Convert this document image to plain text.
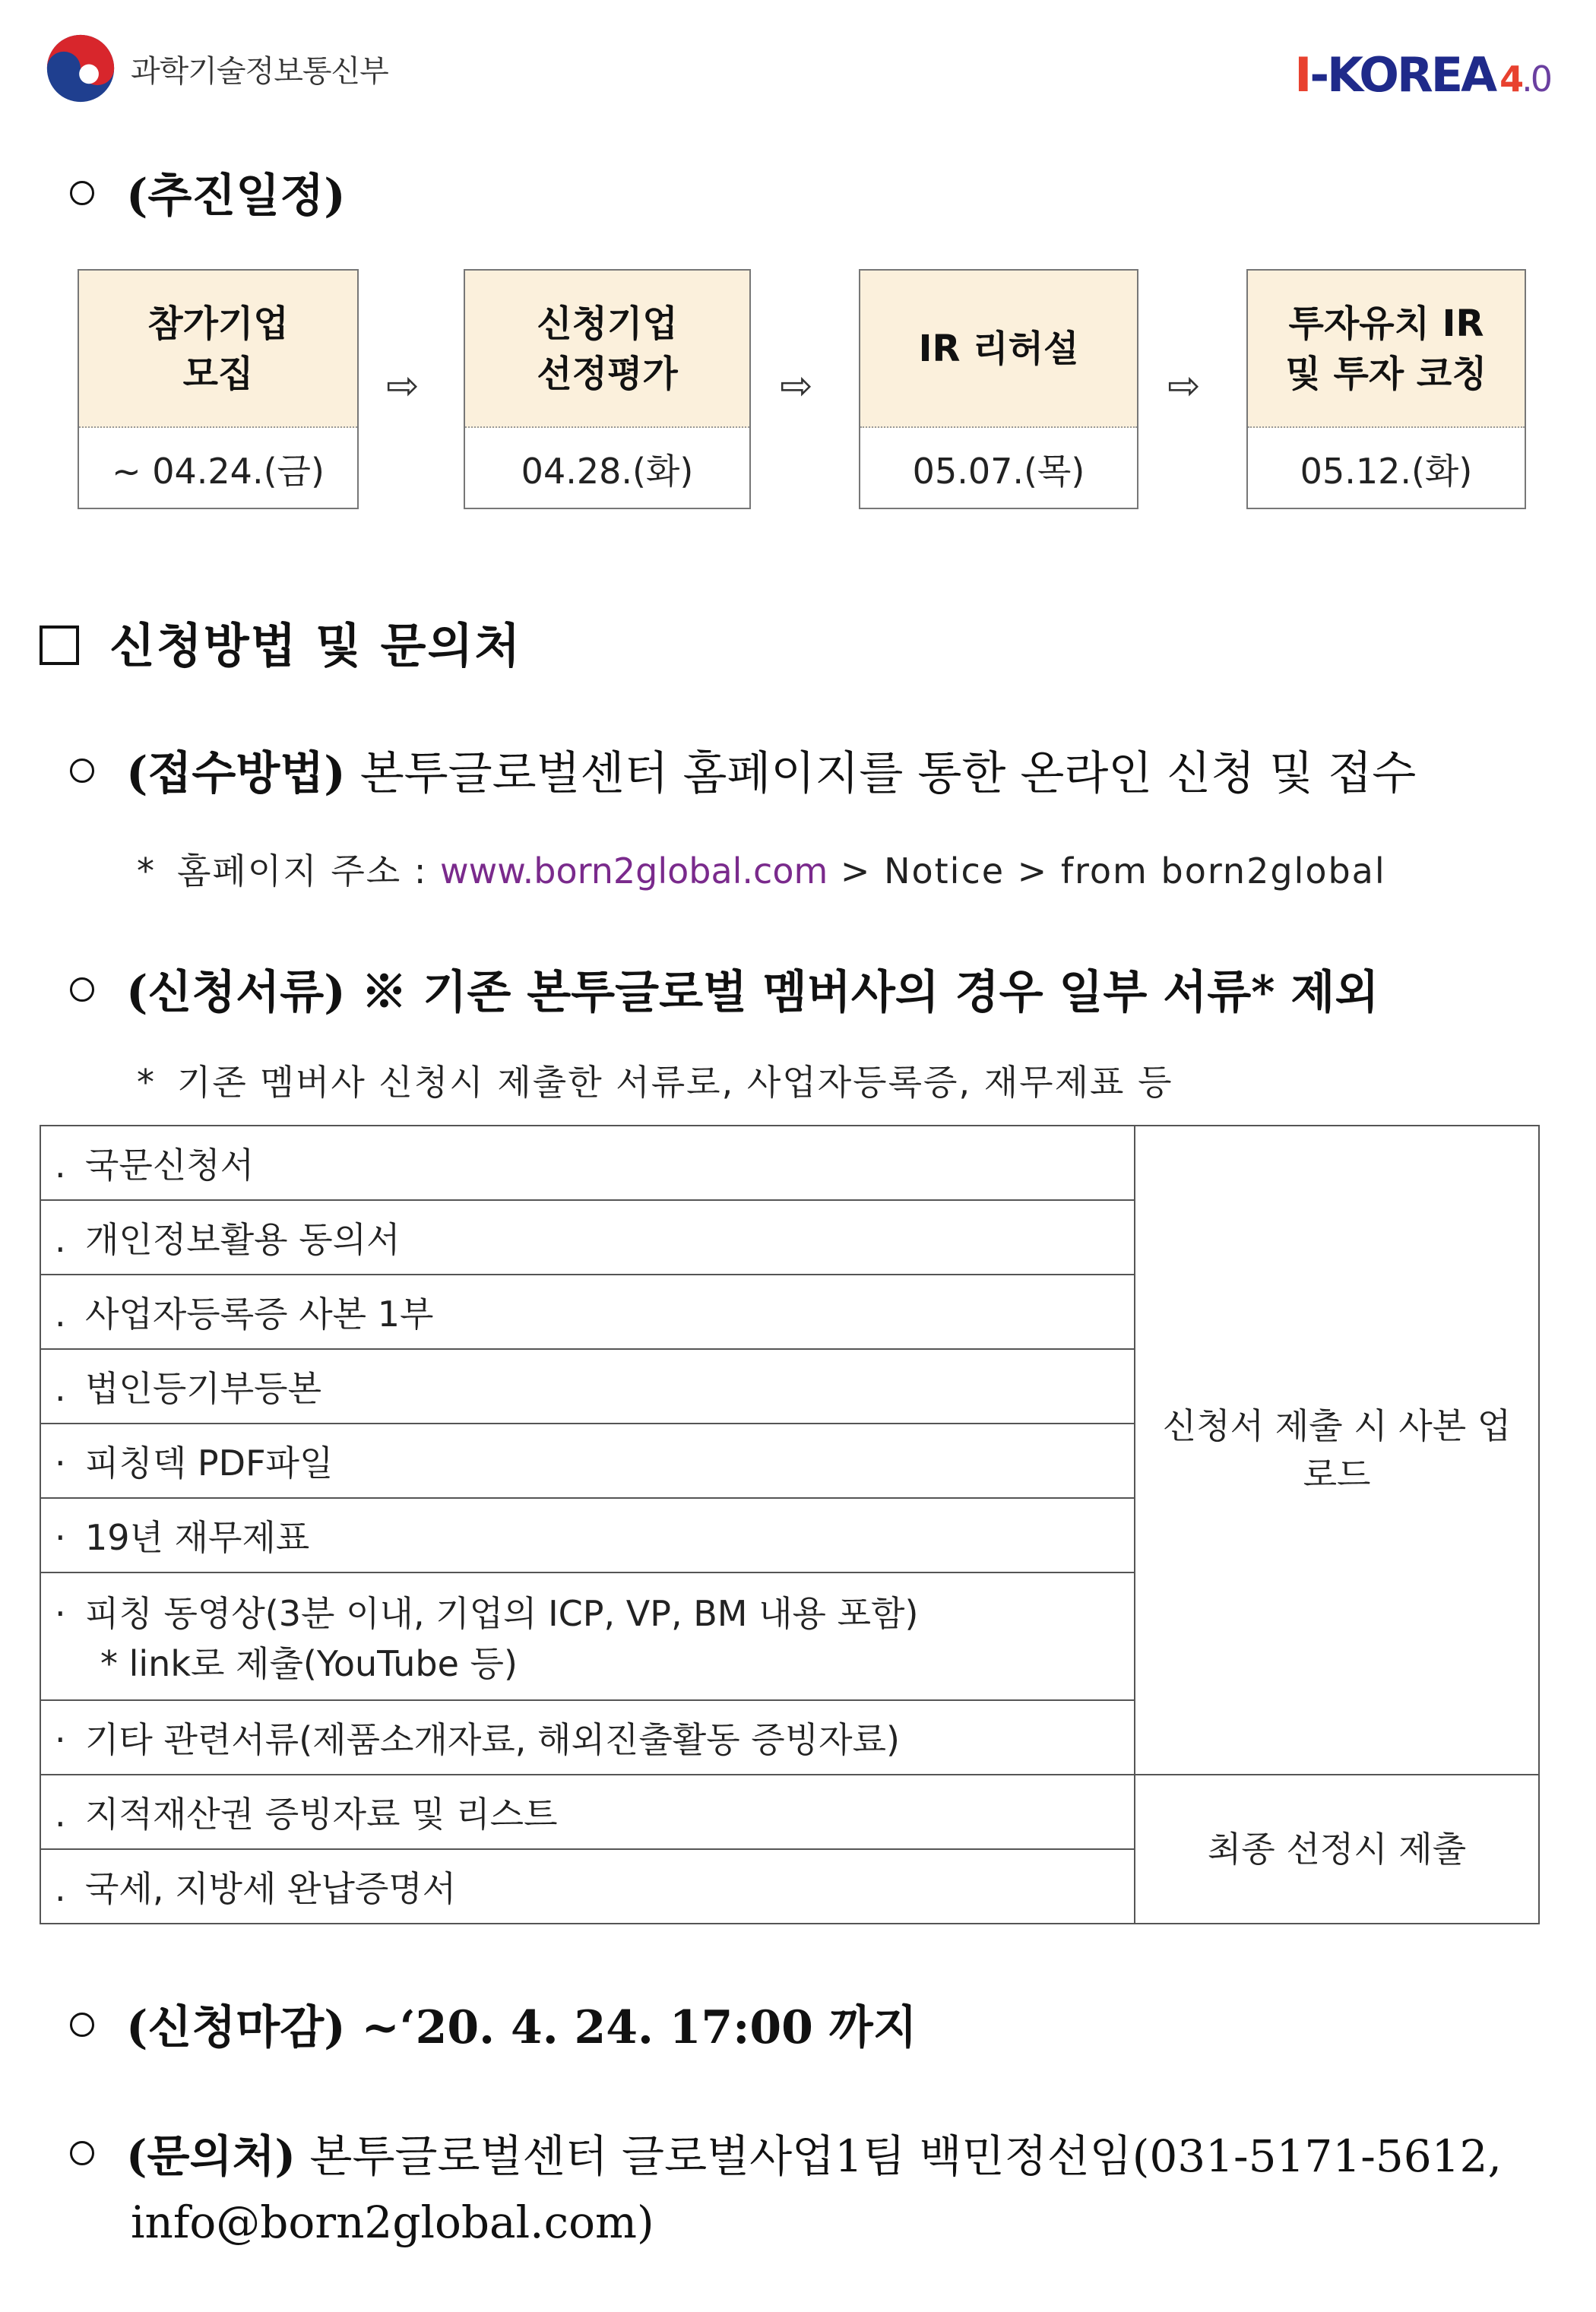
과학기술정보통신부	I-KOREA 4.0
(추진일정)
참가기업
모집
~ 04.24.(금)
⇨
신청기업
선정평가
04.28.(화)
⇨
IR 리허설
05.07.(목)
⇨
투자유치 IR
및 투자 코칭
05.12.(화)
신청방법 및 문의처
(접수방법) 본투글로벌센터 홈페이지를 통한 온라인 신청 및 접수
* 홈페이지 주소 : www.born2global.com > Notice > from born2global
(신청서류) ※ 기존 본투글로벌 멤버사의 경우 일부 서류* 제외
* 기존 멤버사 신청시 제출한 서류로, 사업자등록증, 재무제표 등
. 국문신청서	신청서 제출 시 사본 업로드
. 개인정보활용 동의서	
. 사업자등록증 사본 1부	
. 법인등기부등본	
· 피칭덱 PDF파일	
· 19년 재무제표	
· 피칭 동영상(3분 이내, 기업의 ICP, VP, BM 내용 포함)
* link로 제출(YouTube 등)	

· 기타 관련서류(제품소개자료, 해외진출활동 증빙자료)	
. 지적재산권 증빙자료 및 리스트	최종 선정시 제출
. 국세, 지방세 완납증명서	
(신청마감) ~‘20. 4. 24. 17:00 까지
(문의처) 본투글로벌센터 글로벌사업1팀 백민정선임(031-5171-5612,
info@born2global.com)
